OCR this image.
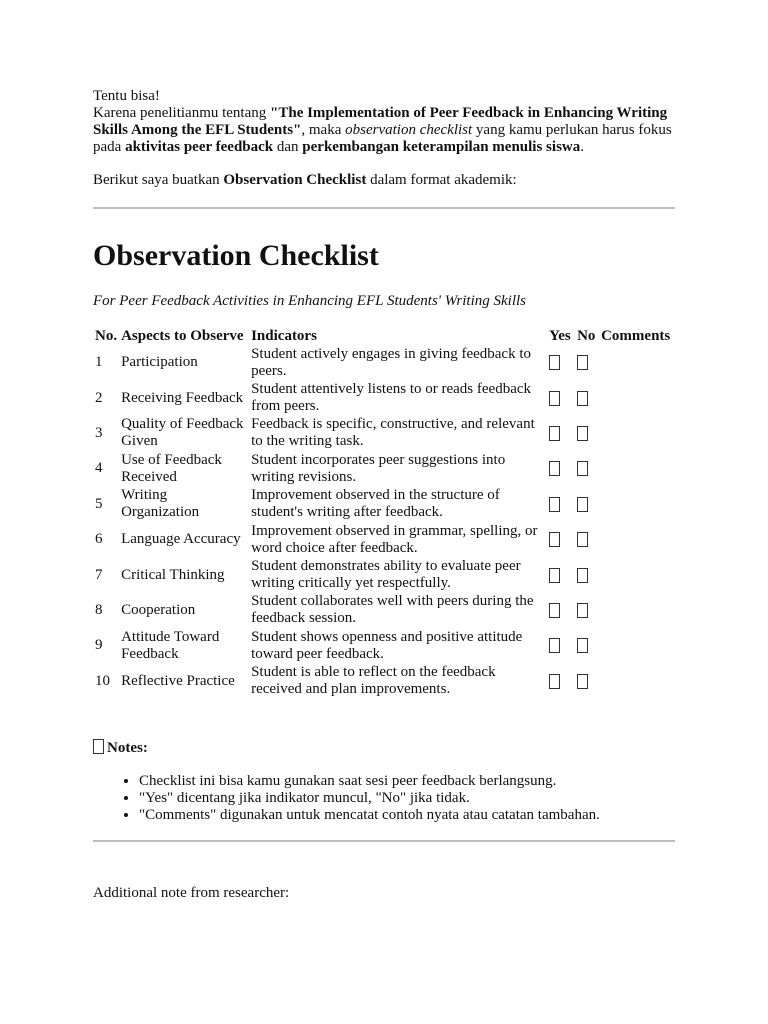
Tentu bisa!

Karena penelitianmu tentang "The Implementation of Peer Feedback in Enhancing Writing Skills Among the EFL Students", maka observation checklist yang kamu perlukan harus fokus pada aktivitas peer feedback dan perkembangan keterampilan menulis siswa.

Berikut saya buatkan Observation Checklist dalam format akademik:

Observation Checklist

For Peer Feedback Activities in Enhancing EFL Students' Writing Skills

No.	Aspects to Observe	Indicators	Yes	No	Comments
1	Participation	Student actively engages in giving feedback to peers.			
2	Receiving Feedback	Student attentively listens to or reads feedback from peers.			
3	Quality of Feedback Given	Feedback is specific, constructive, and relevant to the writing task.			
4	Use of Feedback Received	Student incorporates peer suggestions into writing revisions.			
5	Writing Organization	Improvement observed in the structure of student's writing after feedback.			
6	Language Accuracy	Improvement observed in grammar, spelling, or word choice after feedback.			
7	Critical Thinking	Student demonstrates ability to evaluate peer writing critically yet respectfully.			
8	Cooperation	Student collaborates well with peers during the feedback session.			
9	Attitude Toward Feedback	Student shows openness and positive attitude toward peer feedback.			
10	Reflective Practice	Student is able to reflect on the feedback received and plan improvements.			

Notes:

• Checklist ini bisa kamu gunakan saat sesi peer feedback berlangsung.
• "Yes" dicentang jika indikator muncul, "No" jika tidak.
• "Comments" digunakan untuk mencatat contoh nyata atau catatan tambahan.

Additional note from researcher:
